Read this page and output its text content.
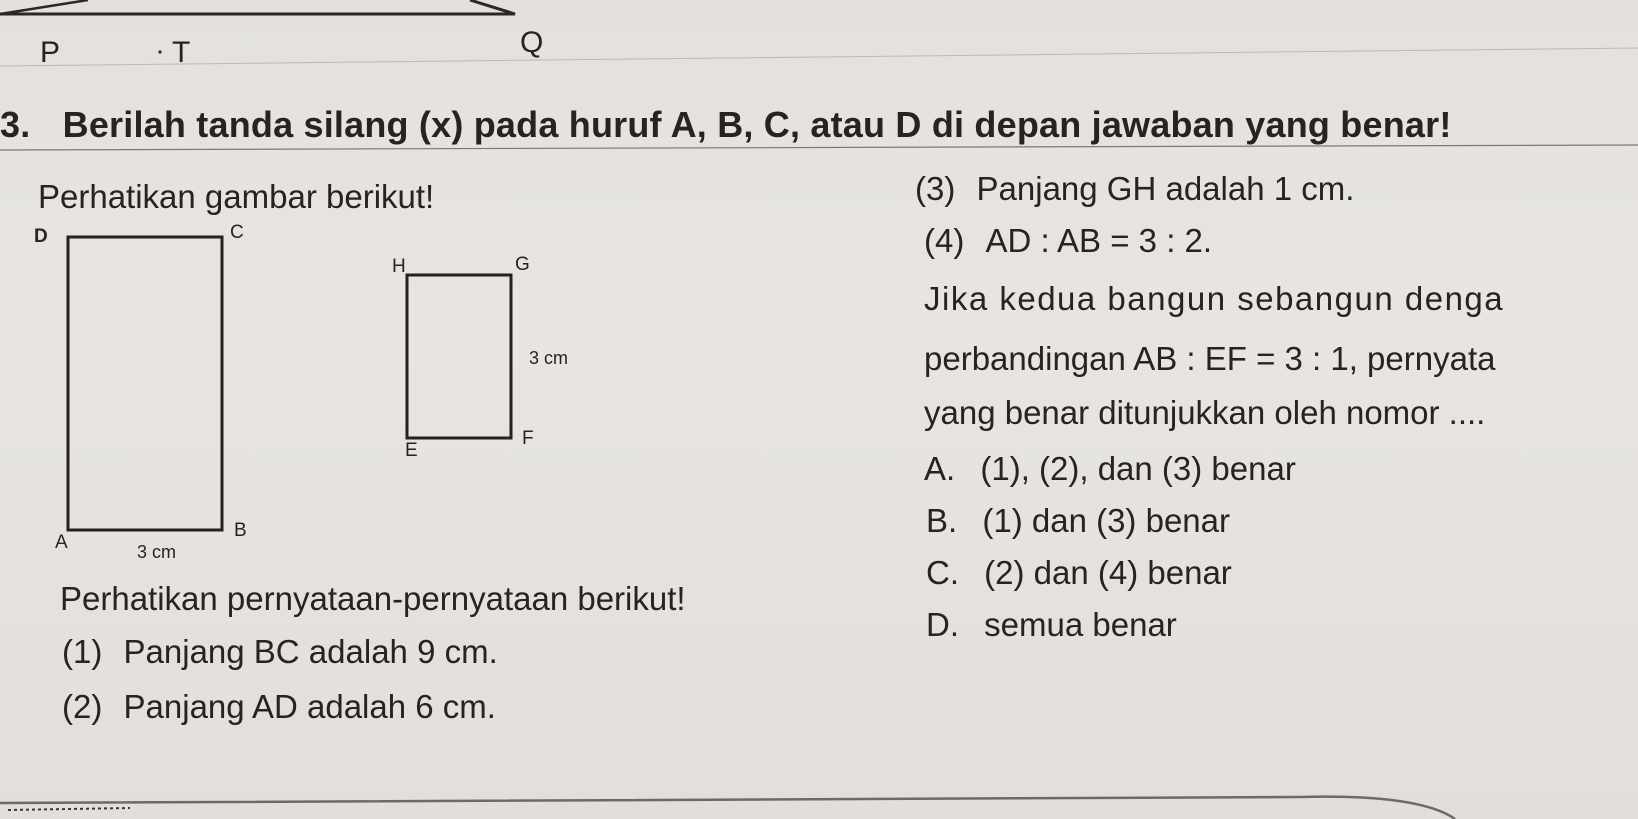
P	T	Q
3. Berilah tanda silang (x) pada huruf A, B, C, atau D di depan jawaban yang benar!
Perhatikan gambar berikut!
D	C
A
B
3 cm
H	G
E
F
3 cm
Perhatikan pernyataan-pernyataan berikut!
(1) Panjang BC adalah 9 cm.
(2) Panjang AD adalah 6 cm.
(3) Panjang GH adalah 1 cm.
(4) AD : AB = 3 : 2.
Jika kedua bangun sebangun denga
perbandingan AB : EF = 3 : 1, pernyata
yang benar ditunjukkan oleh nomor ....
A. (1), (2), dan (3) benar
B. (1) dan (3) benar
C. (2) dan (4) benar
D. semua benar
